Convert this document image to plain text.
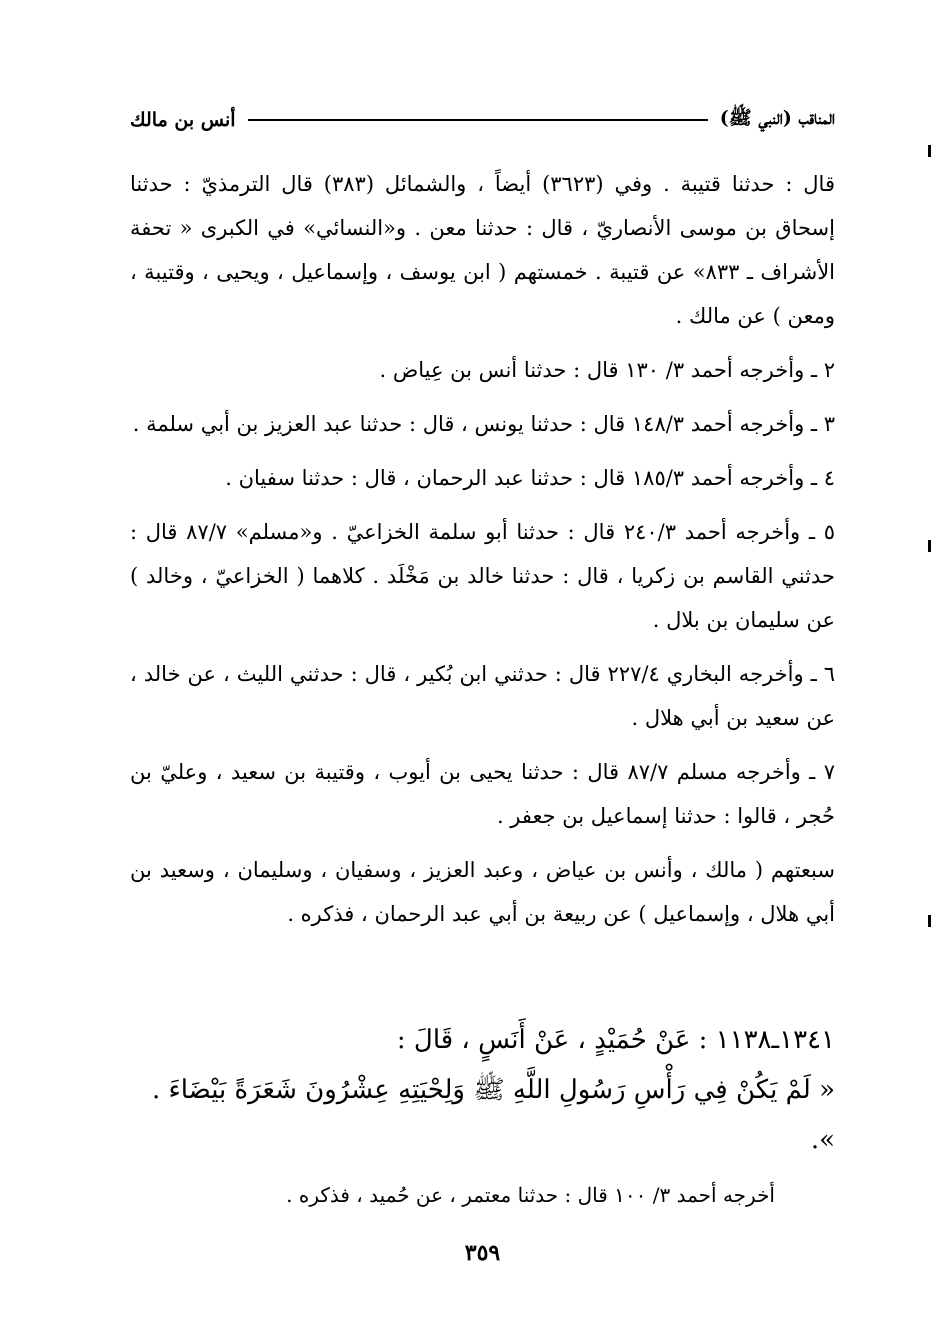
المناقب (النبي ﷺ)
أنس بن مالك

قال : حدثنا قتيبة . وفي (٣٦٢٣) أيضاً ، والشمائل (٣٨٣) قال الترمذيّ : حدثنا إسحاق بن موسى الأنصاريّ ، قال : حدثنا معن . و«النسائي» في الكبرى « تحفة الأشراف ـ ٨٣٣» عن قتيبة . خمستهم ( ابن يوسف ، وإسماعيل ، ويحيى ، وقتيبة ، ومعن ) عن مالك .

٢ ـ وأخرجه أحمد ٣/ ١٣٠ قال : حدثنا أنس بن عِياض .

٣ ـ وأخرجه أحمد ١٤٨/٣ قال : حدثنا يونس ، قال : حدثنا عبد العزيز بن أبي سلمة .

٤ ـ وأخرجه أحمد ١٨٥/٣ قال : حدثنا عبد الرحمان ، قال : حدثنا سفيان .

٥ ـ وأخرجه أحمد ٢٤٠/٣ قال : حدثنا أبو سلمة الخزاعيّ . و«مسلم» ٨٧/٧ قال : حدثني القاسم بن زكريا ، قال : حدثنا خالد بن مَخْلَد . كلاهما ( الخزاعيّ ، وخالد ) عن سليمان بن بلال .

٦ ـ وأخرجه البخاري ٢٢٧/٤ قال : حدثني ابن بُكير ، قال : حدثني الليث ، عن خالد ، عن سعيد بن أبي هلال .

٧ ـ وأخرجه مسلم ٨٧/٧ قال : حدثنا يحيى بن أيوب ، وقتيبة بن سعيد ، وعليّ بن حُجر ، قالوا : حدثنا إسماعيل بن جعفر .

سبعتهم ( مالك ، وأنس بن عياض ، وعبد العزيز ، وسفيان ، وسليمان ، وسعيد بن أبي هلال ، وإسماعيل ) عن ربيعة بن أبي عبد الرحمان ، فذكره .

١٣٤١ـ١١٣٨ : عَنْ حُمَيْدٍ ، عَنْ أَنَسٍ ، قَالَ :
« لَمْ يَكُنْ فِي رَأْسِ رَسُولِ اللَّهِ ﷺ وَلِحْيَتِهِ عِشْرُونَ شَعَرَةً بَيْضَاءَ . ».
أخرجه أحمد ٣/ ١٠٠ قال : حدثنا معتمر ، عن حُميد ، فذكره .
٣٥٩
